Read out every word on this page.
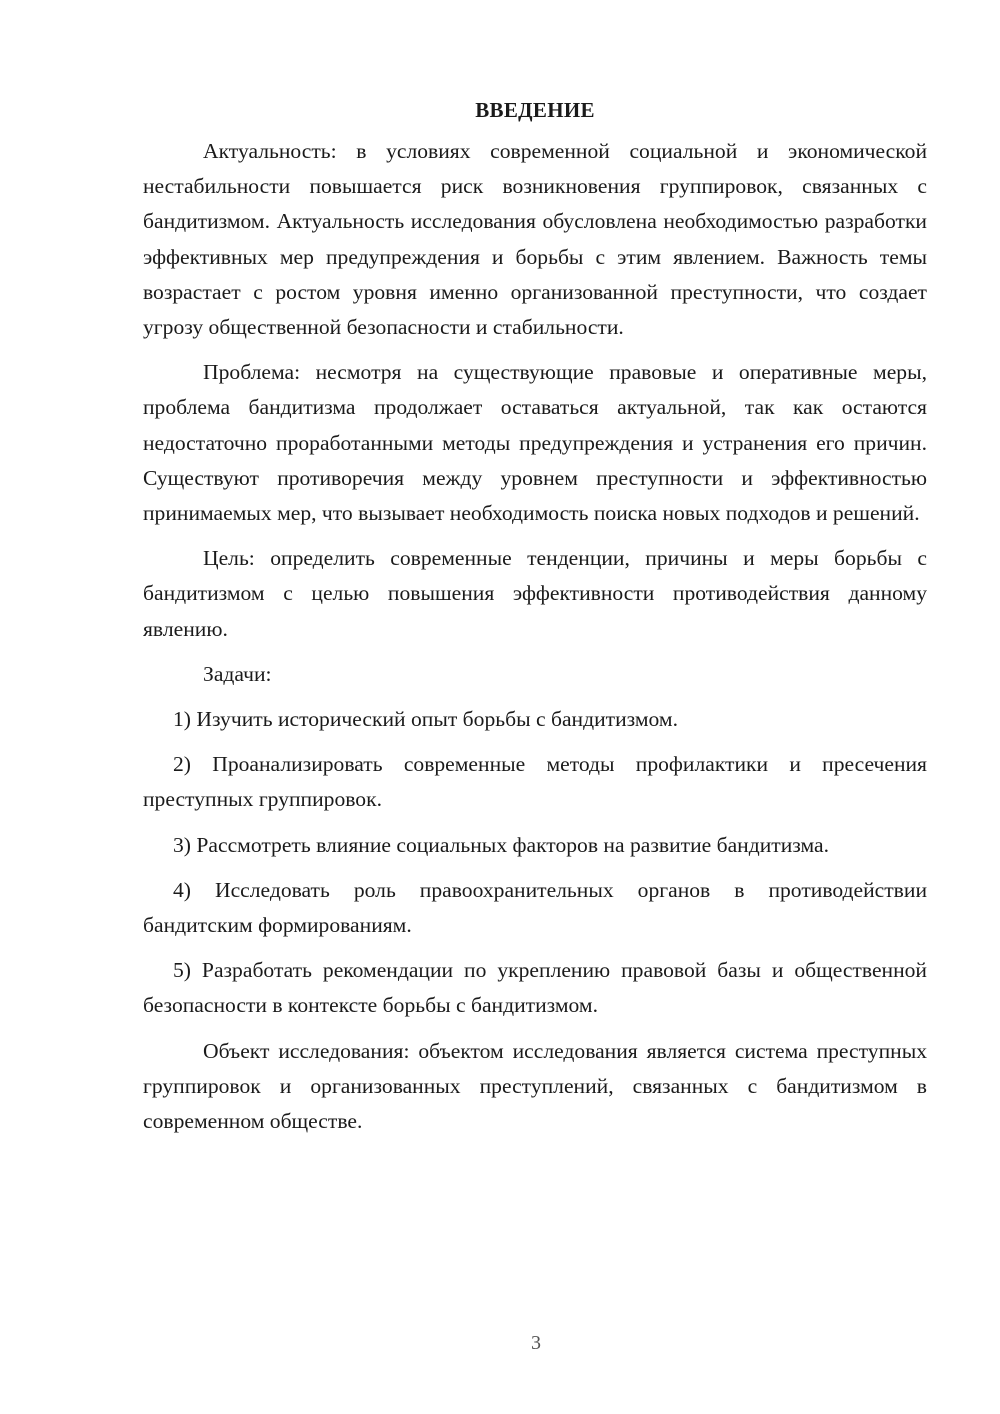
ВВЕДЕНИЕ

Актуальность: в условиях современной социальной и экономической нестабильности повышается риск возникновения группировок, связанных с бандитизмом. Актуальность исследования обусловлена необходимостью разработки эффективных мер предупреждения и борьбы с этим явлением. Важность темы возрастает с ростом уровня именно организованной преступности, что создает угрозу общественной безопасности и стабильности.

Проблема: несмотря на существующие правовые и оперативные меры, проблема бандитизма продолжает оставаться актуальной, так как остаются недостаточно проработанными методы предупреждения и устранения его причин. Существуют противоречия между уровнем преступности и эффективностью принимаемых мер, что вызывает необходимость поиска новых подходов и решений.

Цель: определить современные тенденции, причины и меры борьбы с бандитизмом с целью повышения эффективности противодействия данному явлению.

Задачи:

1) Изучить исторический опыт борьбы с бандитизмом.

2) Проанализировать современные методы профилактики и пресечения преступных группировок.

3) Рассмотреть влияние социальных факторов на развитие бандитизма.

4) Исследовать роль правоохранительных органов в противодействии бандитским формированиям.

5) Разработать рекомендации по укреплению правовой базы и общественной безопасности в контексте борьбы с бандитизмом.

Объект исследования: объектом исследования является система преступных группировок и организованных преступлений, связанных с бандитизмом в современном обществе.

3
